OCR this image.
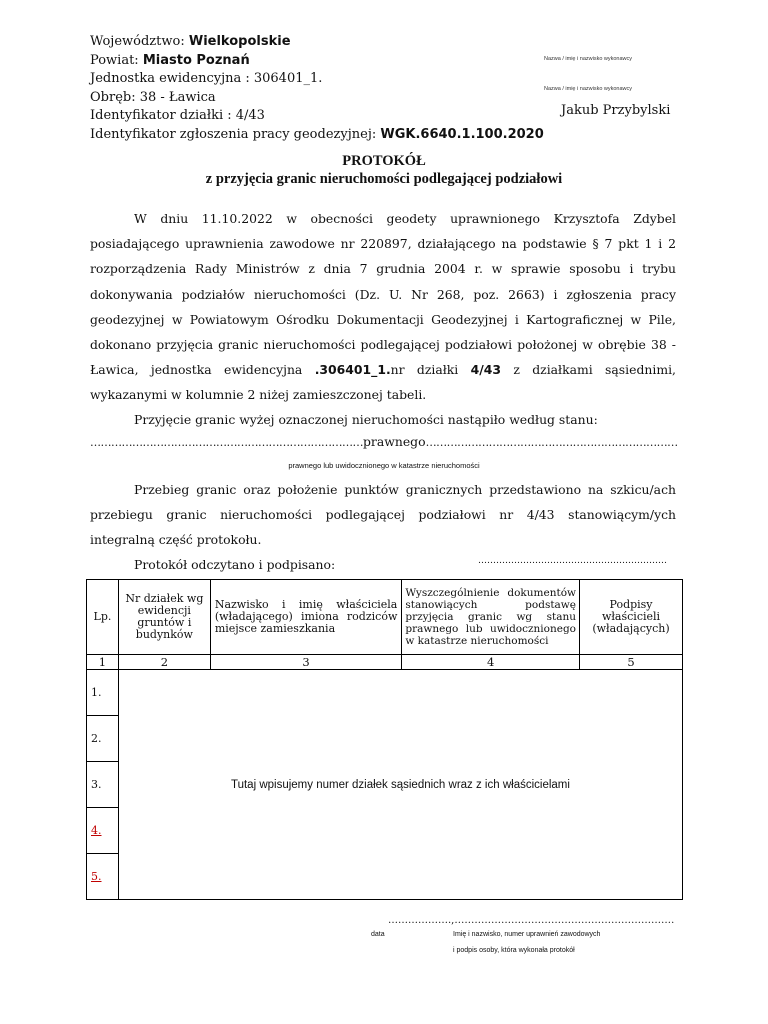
Województwo: Wielkopolskie
Powiat: Miasto Poznań
Jednostka ewidencyjna : 306401_1.
Obręb: 38 - Ławica
Identyfikator działki : 4/43
Identyfikator zgłoszenia pracy geodezyjnej: WGK.6640.1.100.2020
Nazwa / imię i nazwisko wykonawcy
Nazwa / imię i nazwisko wykonawcy
Jakub Przybylski
PROTOKÓŁ
z przyjęcia granic nieruchomości podlegającej podziałowi
W dniu 11.10.2022 w obecności geodety uprawnionego Krzysztofa Zdybel posiadającego uprawnienia zawodowe nr 220897, działającego na podstawie § 7 pkt 1 i 2 rozporządzenia Rady Ministrów z dnia 7 grudnia 2004 r. w sprawie sposobu i trybu dokonywania podziałów nieruchomości (Dz. U. Nr 268, poz. 2663) i zgłoszenia pracy geodezyjnej w Powiatowym Ośrodku Dokumentacji Geodezyjnej i Kartograficznej w Pile, dokonano przyjęcia granic nieruchomości podlegającej podziałowi położonej w obrębie 38 - Ławica, jednostka ewidencyjna .306401_1.nr działki 4/43 z działkami sąsiednimi, wykazanymi w kolumnie 2 niżej zamieszczonej tabeli.
Przyjęcie granic wyżej oznaczonej nieruchomości nastąpiło według stanu:
……………………………………………………………………prawnego………………………………………………………………
prawnego lub uwidocznionego w katastrze nieruchomości
Przebieg granic oraz położenie punktów granicznych przedstawiono na szkicu/ach przebiegu granic nieruchomości podlegającej podziałowi nr 4/43 stanowiącym/ych integralną część protokołu.
Protokół odczytano i podpisano:	………………………………………………………
Lp.	Nr działek wg ewidencji gruntów i budynków	Nazwisko i imię właściciela (władającego) imiona rodziców miejsce zamieszkania	Wyszczególnienie dokumentów stanowiących podstawę przyjęcia granic wg stanu prawnego lub uwidocznionego w katastrze nieruchomości	Podpisy właścicieli (władających)
1	2	3	4	5
1.	Tutaj wpisujemy numer działek sąsiednich wraz z ich właścicielami			
2.				
3.				
4.				
5.				
……………….,…………………………………………………………
data	Imię i nazwisko, numer uprawnień zawodowych
i podpis osoby, która wykonała protokół
